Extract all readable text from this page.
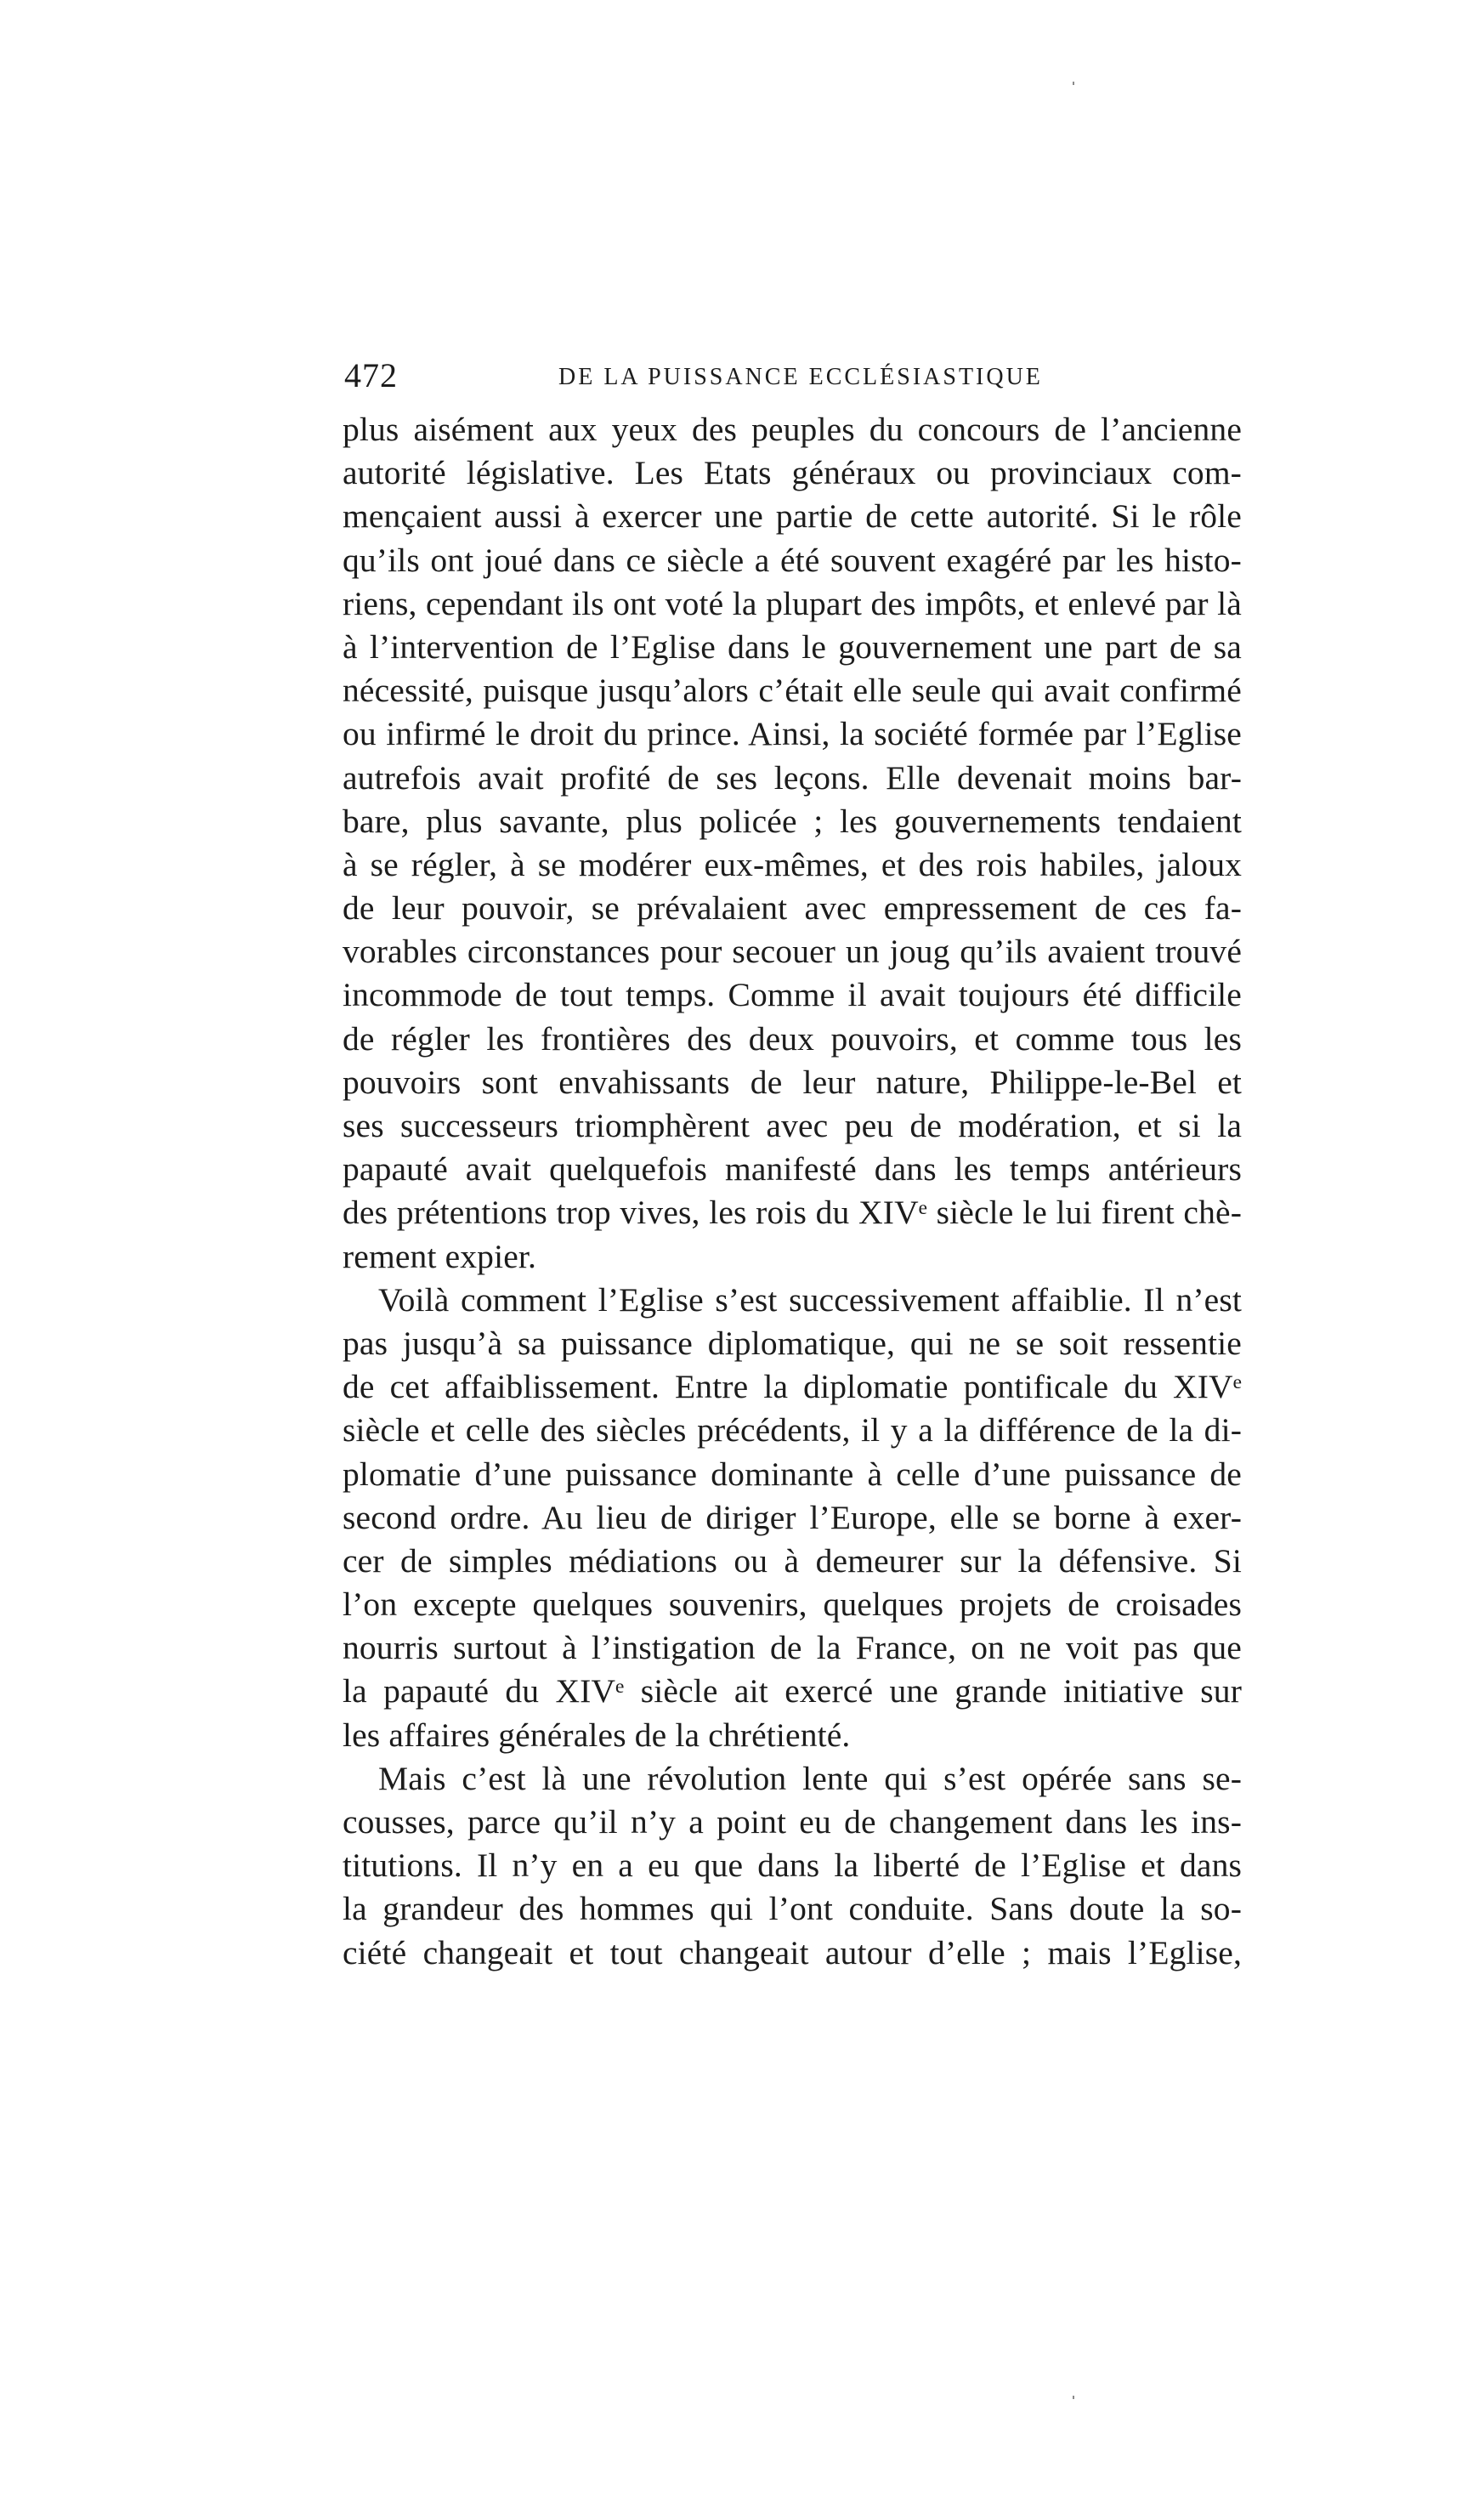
472	DE LA PUISSANCE ECCLÉSIASTIQUE
plus aisément aux yeux des peuples du concours de l’ancienne
autorité législative. Les Etats généraux ou provinciaux com-
mençaient aussi à exercer une partie de cette autorité. Si le rôle
qu’ils ont joué dans ce siècle a été souvent exagéré par les histo-
riens, cependant ils ont voté la plupart des impôts, et enlevé par là
à l’intervention de l’Eglise dans le gouvernement une part de sa
nécessité, puisque jusqu’alors c’était elle seule qui avait confirmé
ou infirmé le droit du prince. Ainsi, la société formée par l’Eglise
autrefois avait profité de ses leçons. Elle devenait moins bar-
bare, plus savante, plus policée ; les gouvernements tendaient
à se régler, à se modérer eux-mêmes, et des rois habiles, jaloux
de leur pouvoir, se prévalaient avec empressement de ces fa-
vorables circonstances pour secouer un joug qu’ils avaient trouvé
incommode de tout temps. Comme il avait toujours été difficile
de régler les frontières des deux pouvoirs, et comme tous les
pouvoirs sont envahissants de leur nature, Philippe-le-Bel et
ses successeurs triomphèrent avec peu de modération, et si la
papauté avait quelquefois manifesté dans les temps antérieurs
des prétentions trop vives, les rois du XIVᵉ siècle le lui firent chè-
rement expier.
Voilà comment l’Eglise s’est successivement affaiblie. Il n’est
pas jusqu’à sa puissance diplomatique, qui ne se soit ressentie
de cet affaiblissement. Entre la diplomatie pontificale du XIVᵉ
siècle et celle des siècles précédents, il y a la différence de la di-
plomatie d’une puissance dominante à celle d’une puissance de
second ordre. Au lieu de diriger l’Europe, elle se borne à exer-
cer de simples médiations ou à demeurer sur la défensive. Si
l’on excepte quelques souvenirs, quelques projets de croisades
nourris surtout à l’instigation de la France, on ne voit pas que
la papauté du XIVᵉ siècle ait exercé une grande initiative sur
les affaires générales de la chrétienté.
Mais c’est là une révolution lente qui s’est opérée sans se-
cousses, parce qu’il n’y a point eu de changement dans les ins-
titutions. Il n’y en a eu que dans la liberté de l’Eglise et dans
la grandeur des hommes qui l’ont conduite. Sans doute la so-
ciété changeait et tout changeait autour d’elle ; mais l’Eglise,
